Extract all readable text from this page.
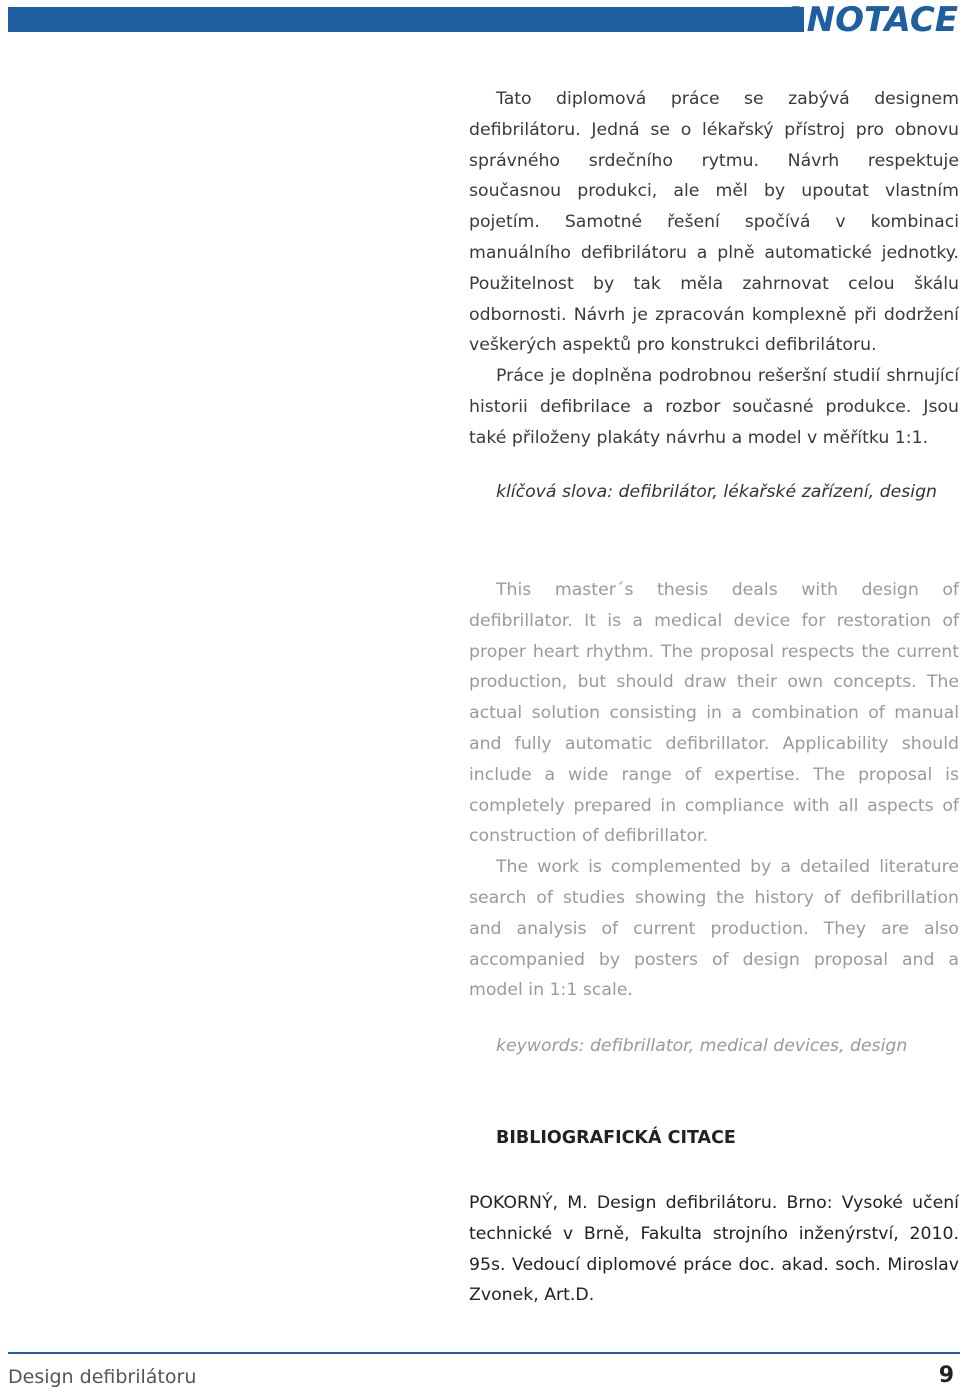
ANOTACE

Tato diplomová práce se zabývá designem defibrilátoru. Jedná se o lékařský přístroj pro obnovu správného srdečního rytmu. Návrh respektuje současnou produkci, ale měl by upoutat vlastním pojetím. Samotné řešení spočívá v kombinaci manuálního defibrilátoru a plně automatické jednotky. Použitelnost by tak měla zahrnovat celou škálu odbornosti. Návrh je zpracován komplexně při dodržení veškerých aspektů pro konstrukci defibrilátoru.

Práce je doplněna podrobnou rešeršní studií shrnující historii defibrilace a rozbor současné produkce. Jsou také přiloženy plakáty návrhu a model v měřítku 1:1.

klíčová slova: defibrilátor, lékařské zařízení, design

This master´s thesis deals with design of defibrillator. It is a medical device for restoration of proper heart rhythm. The proposal respects the current production, but should draw their own concepts. The actual solution consisting in a combination of manual and fully automatic defibrillator. Applicability should include a wide range of expertise. The proposal is completely prepared in compliance with all aspects of construction of defibrillator.

The work is complemented by a detailed literature search of studies showing the history of defibrillation and analysis of current production. They are also accompanied by posters of design proposal and a model in 1:1 scale.

keywords: defibrillator, medical devices, design

BIBLIOGRAFICKÁ CITACE

POKORNÝ, M. Design defibrilátoru. Brno: Vysoké učení technické v Brně, Fakulta strojního inženýrství, 2010. 95s. Vedoucí diplomové práce doc. akad. soch. Miroslav Zvonek, Art.D.

Design defibrilátoru	9
